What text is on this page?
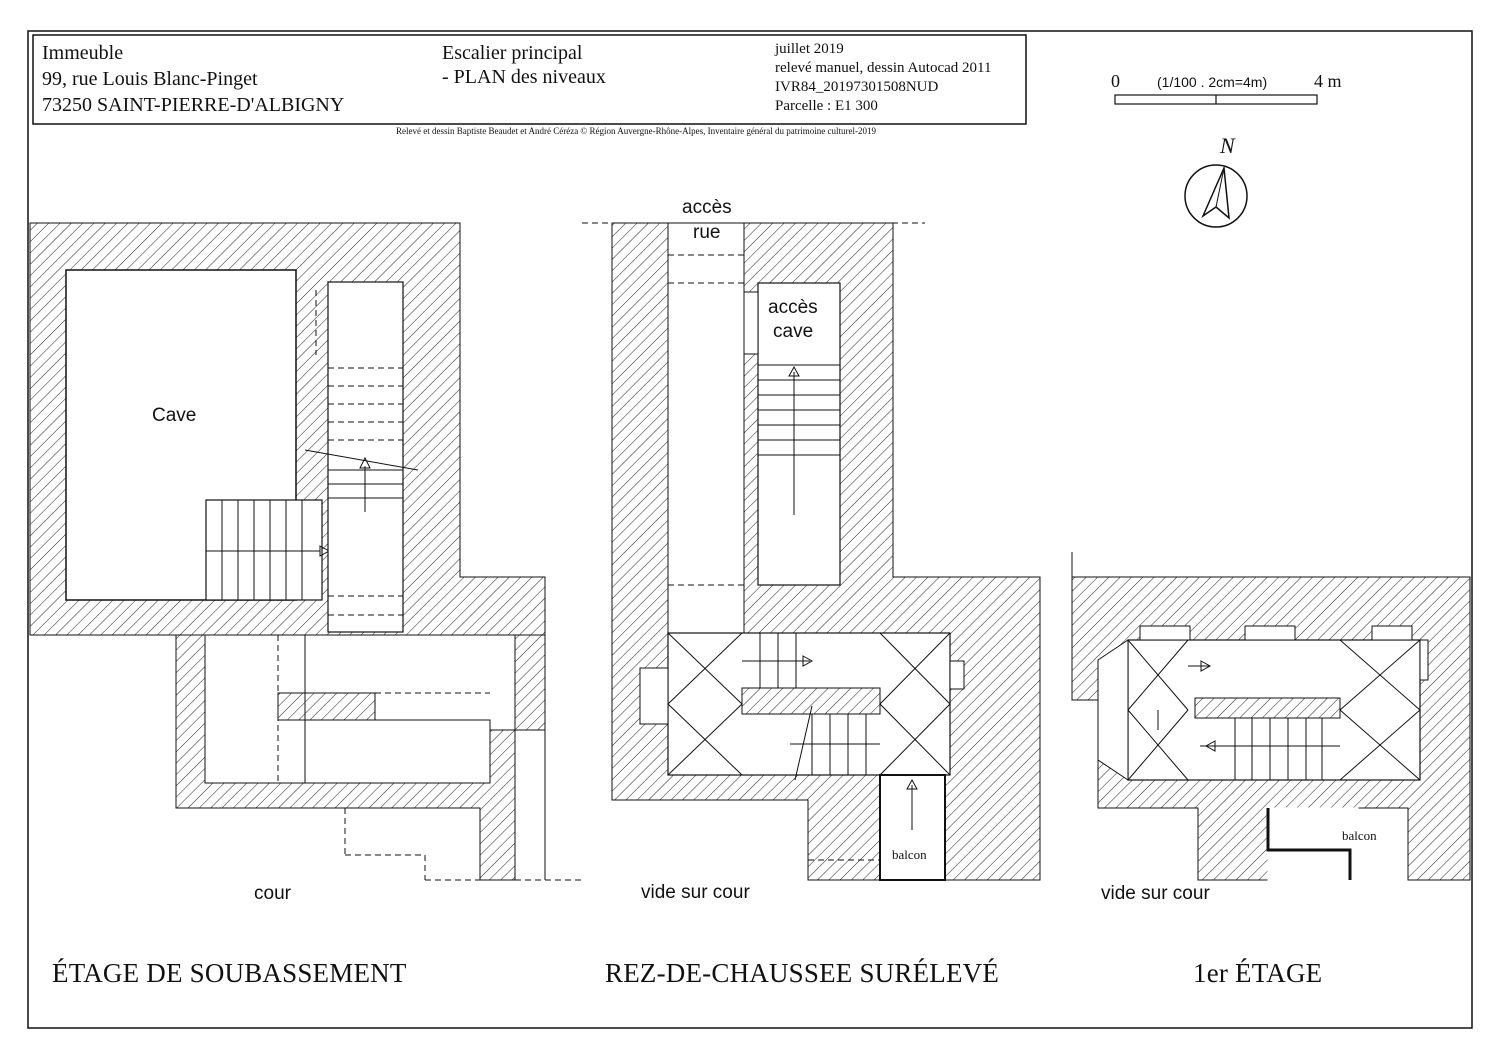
Immeuble
99, rue Louis Blanc-Pinget
73250 SAINT-PIERRE-D'ALBIGNY
Escalier principal
- PLAN des niveaux
juillet 2019
relevé manuel, dessin Autocad 2011
IVR84_20197301508NUD
Parcelle : E1 300
Relevé et dessin Baptiste Beaudet et André Céréza © Région Auvergne-Rhône-Alpes, Inventaire général du patrimoine culturel-2019
0	(1/100 . 2cm=4m)	4 m
N
Cave
cour
ÉTAGE DE SOUBASSEMENT
accès
rue
accès
cave
balcon
vide sur cour
REZ-DE-CHAUSSEE SURÉLEVÉ
balcon
vide sur cour
1er ÉTAGE
